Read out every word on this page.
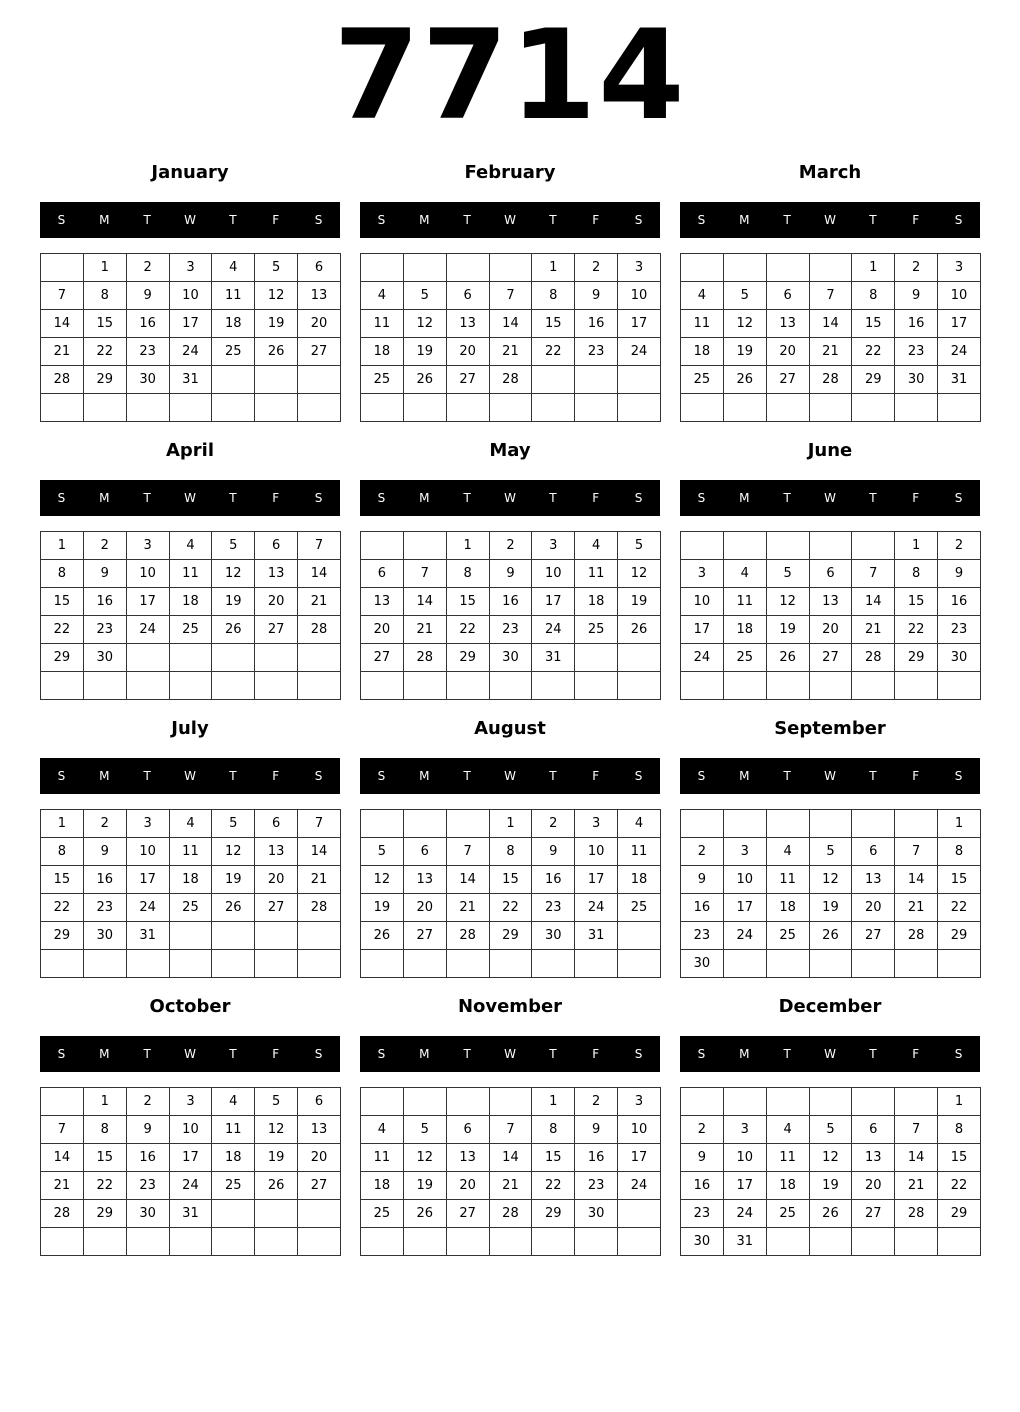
7714
January
S	M	T	W	T	F	S
	1	2	3	4	5	6
7	8	9	10	11	12	13
14	15	16	17	18	19	20
21	22	23	24	25	26	27
28	29	30	31			

February
S	M	T	W	T	F	S
				1	2	3
4	5	6	7	8	9	10
11	12	13	14	15	16	17
18	19	20	21	22	23	24
25	26	27	28			

March
S	M	T	W	T	F	S
				1	2	3
4	5	6	7	8	9	10
11	12	13	14	15	16	17
18	19	20	21	22	23	24
25	26	27	28	29	30	31

April
S	M	T	W	T	F	S
1	2	3	4	5	6	7
8	9	10	11	12	13	14
15	16	17	18	19	20	21
22	23	24	25	26	27	28
29	30					

May
S	M	T	W	T	F	S
		1	2	3	4	5
6	7	8	9	10	11	12
13	14	15	16	17	18	19
20	21	22	23	24	25	26
27	28	29	30	31		

June
S	M	T	W	T	F	S
					1	2
3	4	5	6	7	8	9
10	11	12	13	14	15	16
17	18	19	20	21	22	23
24	25	26	27	28	29	30

July
S	M	T	W	T	F	S
1	2	3	4	5	6	7
8	9	10	11	12	13	14
15	16	17	18	19	20	21
22	23	24	25	26	27	28
29	30	31				

August
S	M	T	W	T	F	S
			1	2	3	4
5	6	7	8	9	10	11
12	13	14	15	16	17	18
19	20	21	22	23	24	25
26	27	28	29	30	31	

September
S	M	T	W	T	F	S
						1
2	3	4	5	6	7	8
9	10	11	12	13	14	15
16	17	18	19	20	21	22
23	24	25	26	27	28	29
30						
October
S	M	T	W	T	F	S
	1	2	3	4	5	6
7	8	9	10	11	12	13
14	15	16	17	18	19	20
21	22	23	24	25	26	27
28	29	30	31			

November
S	M	T	W	T	F	S
				1	2	3
4	5	6	7	8	9	10
11	12	13	14	15	16	17
18	19	20	21	22	23	24
25	26	27	28	29	30	

December
S	M	T	W	T	F	S
						1
2	3	4	5	6	7	8
9	10	11	12	13	14	15
16	17	18	19	20	21	22
23	24	25	26	27	28	29
30	31					
